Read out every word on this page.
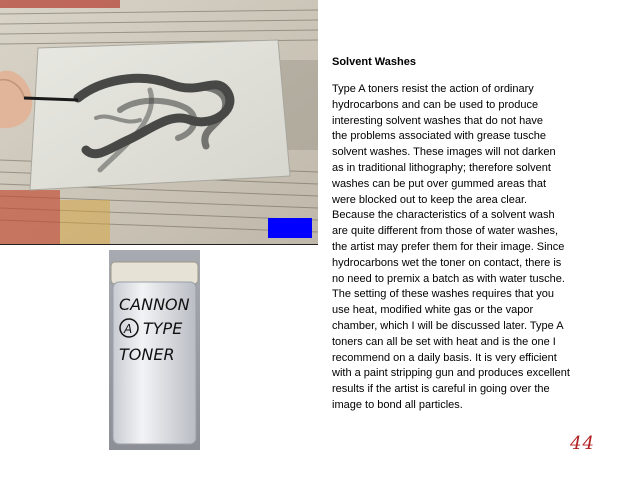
CANNON
A TYPE
TONER
Solvent Washes
Type A toners resist the action of ordinary
hydrocarbons and can be used to produce
interesting solvent washes that do not have
the problems associated with grease tusche
solvent washes. These images will not darken
as in traditional lithography; therefore solvent
washes can be put over gummed areas that
were blocked out to keep the area clear.
Because the characteristics of a solvent wash
are quite different from those of water washes,
the artist may prefer them for their image. Since
hydrocarbons wet the toner on contact, there is
no need to premix a batch as with water tusche.
The setting of these washes requires that you
use heat, modified white gas or the vapor
chamber, which I will be discussed later. Type A
toners can all be set with heat and is the one I
recommend on a daily basis. It is very efficient
with a paint stripping gun and produces excellent
results if the artist is careful in going over the
image to bond all particles.
44
